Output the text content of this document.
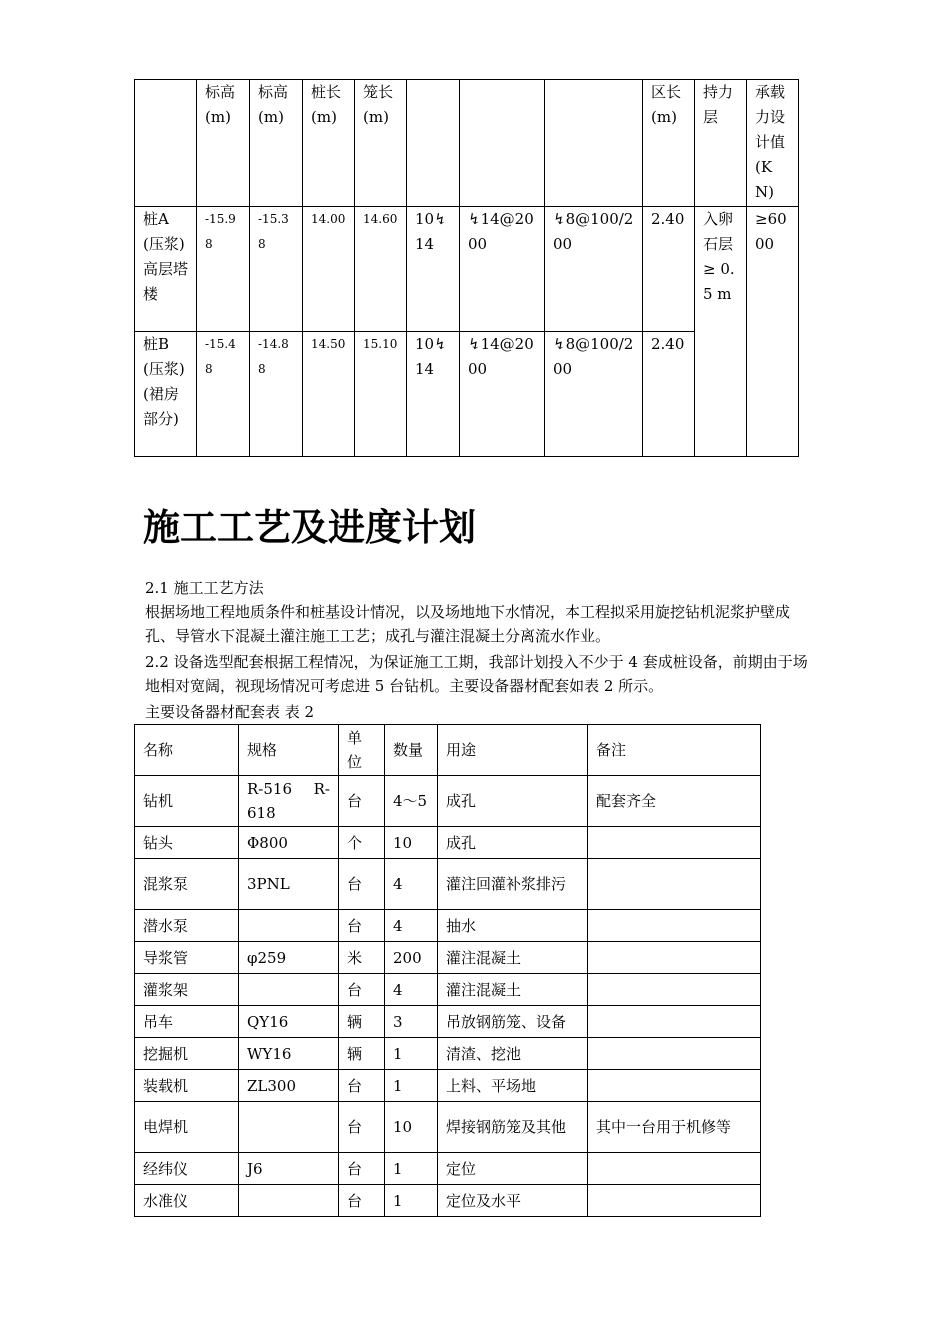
	标高(m)	标高(m)	桩长(m)	笼长(m)				区长(m)	持力层	承载力设计值(KN)
桩A(压浆)高层塔楼	-15.98	-15.38	14.00	14.60	10↯14	↯14@2000	↯8@100/200	2.40	入卵石层≥ 0.5 m	≥6000
桩B(压浆)(裙房部分)	-15.48	-14.88	14.50	15.10	10↯14	↯14@2000	↯8@100/200	2.40		
施工工艺及进度计划
2.1 施工工艺方法
根据场地工程地质条件和桩基设计情况，以及场地地下水情况，本工程拟采用旋挖钻机泥浆护壁成孔、导管水下混凝土灌注施工工艺；成孔与灌注混凝土分离流水作业。
2.2 设备选型配套根据工程情况，为保证施工工期，我部计划投入不少于 4 套成桩设备，前期由于场地相对宽阔，视现场情况可考虑进 5 台钻机。主要设备器材配套如表 2 所示。
主要设备器材配套表 表 2
名称	规格	单位	数量	用途	备注
钻机	R-516　R-618	台	4～5	成孔	配套齐全
钻头	Φ800	个	10	成孔	
混浆泵	3PNL	台	4	灌注回灌补浆排污	
潜水泵		台	4	抽水	
导浆管	φ259	米	200	灌注混凝土	
灌浆架		台	4	灌注混凝土	
吊车	QY16	辆	3	吊放钢筋笼、设备	
挖掘机	WY16	辆	1	清渣、挖池	
装载机	ZL300	台	1	上料、平场地	
电焊机		台	10	焊接钢筋笼及其他	其中一台用于机修等
经纬仪	J6	台	1	定位	
水准仪		台	1	定位及水平	
